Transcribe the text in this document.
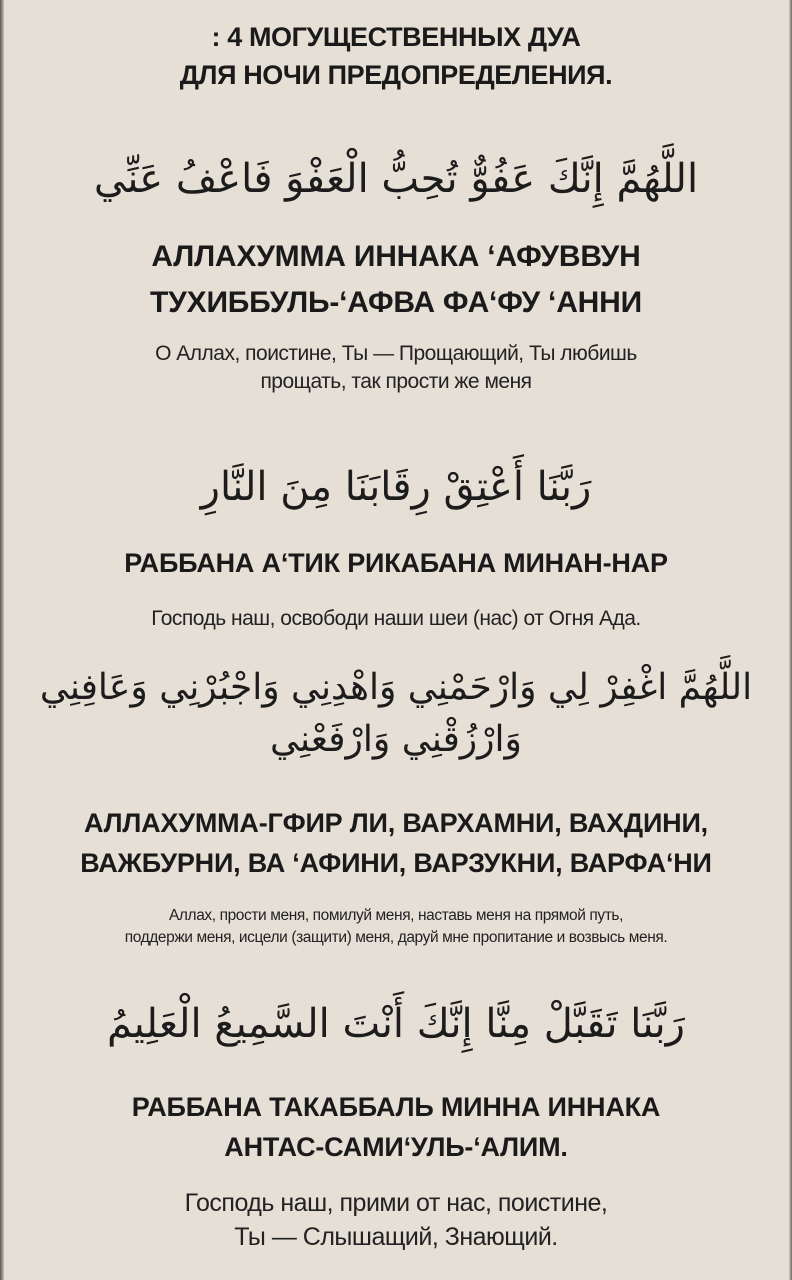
: 4 МОГУЩЕСТВЕННЫХ ДУА
ДЛЯ НОЧИ ПРЕДОПРЕДЕЛЕНИЯ.
اللَّهُمَّ إِنَّكَ عَفُوٌّ تُحِبُّ الْعَفْوَ فَاعْفُ عَنِّي
АЛЛАХУММА ИННАКА ‘АФУВВУН
ТУХИББУЛЬ-‘АФВА ФА‘ФУ ‘АННИ
О Аллах, поистине, Ты — Прощающий, Ты любишь
прощать, так прости же меня
رَبَّنَا أَعْتِقْ رِقَابَنَا مِنَ النَّارِ
РАББАНА А‘ТИК РИКАБАНА МИНАН-НАР
Господь наш, освободи наши шеи (нас) от Огня Ада.
اللَّهُمَّ اغْفِرْ لِي وَارْحَمْنِي وَاهْدِنِي وَاجْبُرْنِي وَعَافِنِي
وَارْزُقْنِي وَارْفَعْنِي
АЛЛАХУММА-ГФИР ЛИ, ВАРХАМНИ, ВАХДИНИ,
ВАЖБУРНИ, ВА ‘АФИНИ, ВАРЗУКНИ, ВАРФА‘НИ
Аллах, прости меня, помилуй меня, наставь меня на прямой путь,
поддержи меня, исцели (защити) меня, даруй мне пропитание и возвысь меня.
رَبَّنَا تَقَبَّلْ مِنَّا إِنَّكَ أَنْتَ السَّمِيعُ الْعَلِيمُ
РАББАНА ТАКАББАЛЬ МИННА ИННАКА
АНТАС-САМИ‘УЛЬ-‘АЛИМ.
Господь наш, прими от нас, поистине,
Ты — Слышащий, Знающий.
